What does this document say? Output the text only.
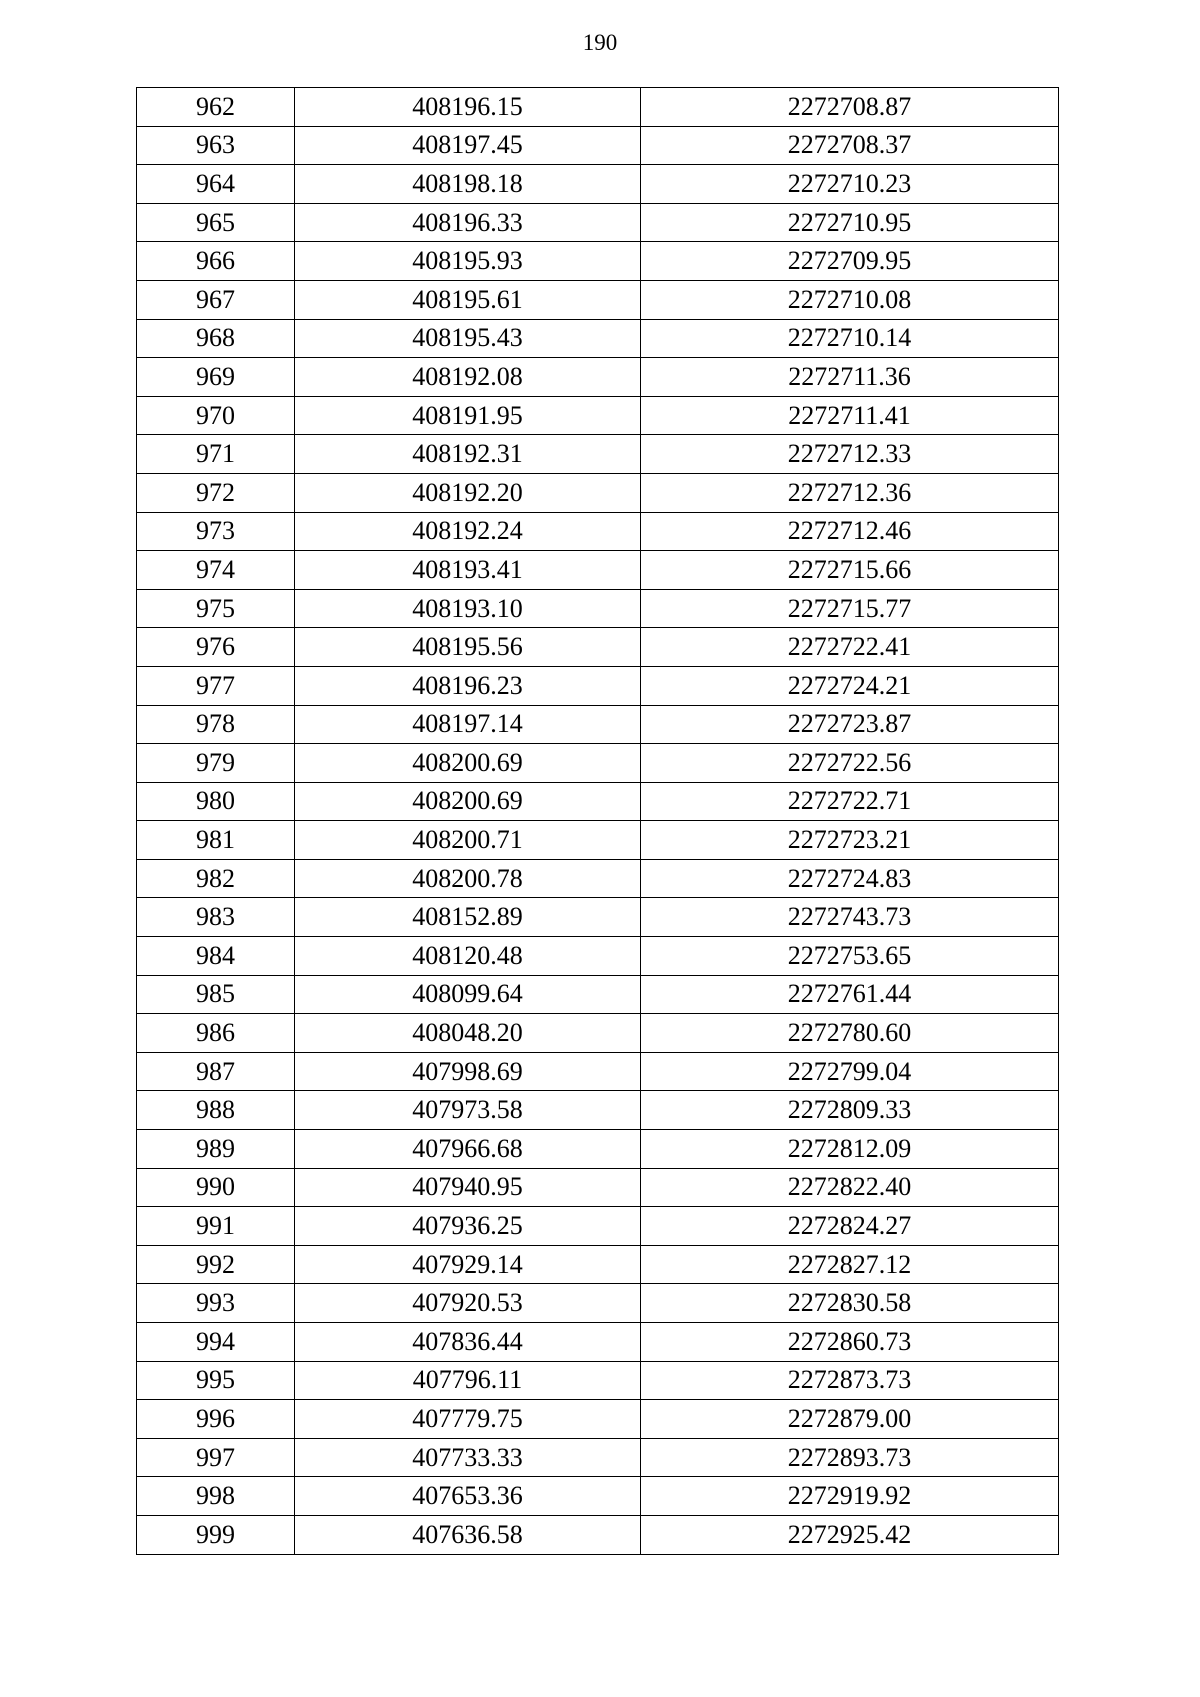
190
962	408196.15	2272708.87
963	408197.45	2272708.37
964	408198.18	2272710.23
965	408196.33	2272710.95
966	408195.93	2272709.95
967	408195.61	2272710.08
968	408195.43	2272710.14
969	408192.08	2272711.36
970	408191.95	2272711.41
971	408192.31	2272712.33
972	408192.20	2272712.36
973	408192.24	2272712.46
974	408193.41	2272715.66
975	408193.10	2272715.77
976	408195.56	2272722.41
977	408196.23	2272724.21
978	408197.14	2272723.87
979	408200.69	2272722.56
980	408200.69	2272722.71
981	408200.71	2272723.21
982	408200.78	2272724.83
983	408152.89	2272743.73
984	408120.48	2272753.65
985	408099.64	2272761.44
986	408048.20	2272780.60
987	407998.69	2272799.04
988	407973.58	2272809.33
989	407966.68	2272812.09
990	407940.95	2272822.40
991	407936.25	2272824.27
992	407929.14	2272827.12
993	407920.53	2272830.58
994	407836.44	2272860.73
995	407796.11	2272873.73
996	407779.75	2272879.00
997	407733.33	2272893.73
998	407653.36	2272919.92
999	407636.58	2272925.42
